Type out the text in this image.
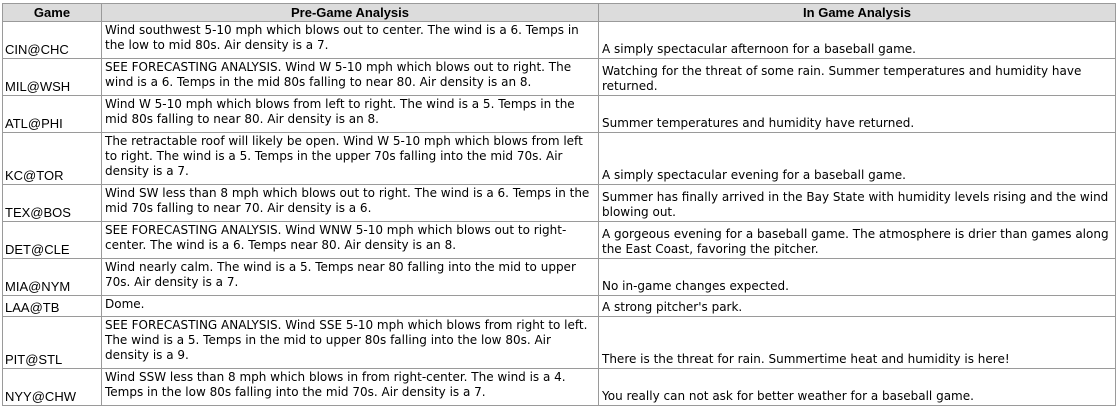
Game	Pre-Game Analysis	In Game Analysis
CIN@CHC	Wind southwest 5-10 mph which blows out to center. The wind is a 6. Temps in the low to mid 80s. Air density is a 7.	A simply spectacular afternoon for a baseball game.
MIL@WSH	SEE FORECASTING ANALYSIS. Wind W 5-10 mph which blows out to right. The wind is a 6. Temps in the mid 80s falling to near 80. Air density is an 8.	Watching for the threat of some rain. Summer temperatures and humidity have returned.
ATL@PHI	Wind W 5-10 mph which blows from left to right. The wind is a 5. Temps in the mid 80s falling to near 80. Air density is an 8.	Summer temperatures and humidity have returned.
KC@TOR	The retractable roof will likely be open. Wind W 5-10 mph which blows from left to right. The wind is a 5. Temps in the upper 70s falling into the mid 70s. Air density is a 7.	A simply spectacular evening for a baseball game.
TEX@BOS	Wind SW less than 8 mph which blows out to right. The wind is a 6. Temps in the mid 70s falling to near 70. Air density is a 6.	Summer has finally arrived in the Bay State with humidity levels rising and the wind blowing out.
DET@CLE	SEE FORECASTING ANALYSIS. Wind WNW 5-10 mph which blows out to right-center. The wind is a 6. Temps near 80. Air density is an 8.	A gorgeous evening for a baseball game. The atmosphere is drier than games along the East Coast, favoring the pitcher.
MIA@NYM	Wind nearly calm. The wind is a 5. Temps near 80 falling into the mid to upper 70s. Air density is a 7.	No in-game changes expected.
LAA@TB	Dome.	A strong pitcher's park.
PIT@STL	SEE FORECASTING ANALYSIS. Wind SSE 5-10 mph which blows from right to left. The wind is a 5. Temps in the mid to upper 80s falling into the low 80s. Air density is a 9.	There is the threat for rain. Summertime heat and humidity is here!
NYY@CHW	Wind SSW less than 8 mph which blows in from right-center. The wind is a 4. Temps in the low 80s falling into the mid 70s. Air density is a 7.	You really can not ask for better weather for a baseball game.
